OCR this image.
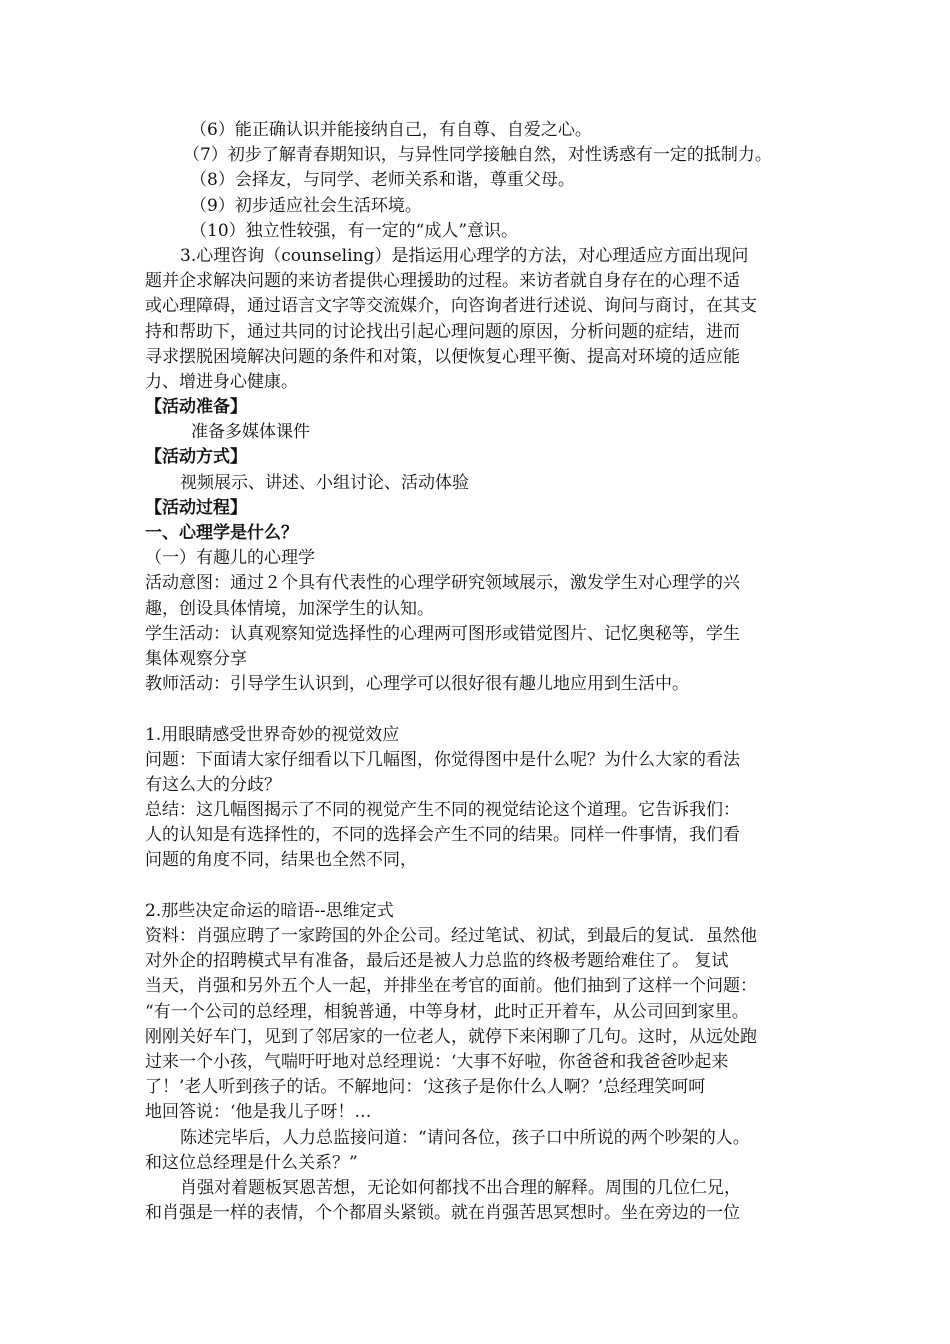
（6）能正确认识并能接纳自己，有自尊、自爱之心。
（7）初步了解青春期知识，与异性同学接触自然，对性诱惑有一定的抵制力。
（8）会择友，与同学、老师关系和谐，尊重父母。
（9）初步适应社会生活环境。
（10）独立性较强，有一定的“成人”意识。
3.心理咨询（counseling）是指运用心理学的方法，对心理适应方面出现问
题并企求解决问题的来访者提供心理援助的过程。来访者就自身存在的心理不适
或心理障碍，通过语言文字等交流媒介，向咨询者进行述说、询问与商讨，在其支
持和帮助下，通过共同的讨论找出引起心理问题的原因，分析问题的症结，进而
寻求摆脱困境解决问题的条件和对策，以便恢复心理平衡、提高对环境的适应能
力、增进身心健康。
【活动准备】
准备多媒体课件
【活动方式】
视频展示、讲述、小组讨论、活动体验
【活动过程】
一、心理学是什么？
（一）有趣儿的心理学
活动意图：通过２个具有代表性的心理学研究领域展示，激发学生对心理学的兴
趣，创设具体情境，加深学生的认知。
学生活动：认真观察知觉选择性的心理两可图形或错觉图片、记忆奥秘等，学生
集体观察分享
教师活动：引导学生认识到，心理学可以很好很有趣儿地应用到生活中。
1.用眼睛感受世界奇妙的视觉效应
问题：下面请大家仔细看以下几幅图，你觉得图中是什么呢？为什么大家的看法
有这么大的分歧？
总结：这几幅图揭示了不同的视觉产生不同的视觉结论这个道理。它告诉我们：
人的认知是有选择性的，不同的选择会产生不同的结果。同样一件事情，我们看
问题的角度不同，结果也全然不同，
2.那些决定命运的暗语--思维定式
资料：肖强应聘了一家跨国的外企公司。经过笔试、初试，到最后的复试．虽然他
对外企的招聘模式早有准备，最后还是被人力总监的终极考题给难住了。 复试
当天，肖强和另外五个人一起，并排坐在考官的面前。他们抽到了这样一个问题：
“有一个公司的总经理，相貌普通，中等身材，此时正开着车，从公司回到家里。
刚刚关好车门，见到了邻居家的一位老人，就停下来闲聊了几句。这时，从远处跑
过来一个小孩，气喘吁吁地对总经理说：‘大事不好啦，你爸爸和我爸爸吵起来
了！’老人听到孩子的话。不解地问：‘这孩子是你什么人啊？’总经理笑呵呵
地回答说：‘他是我儿子呀！…
陈述完毕后，人力总监接问道：“请问各位，孩子口中所说的两个吵架的人。
和这位总经理是什么关系？”
肖强对着题板冥恩苦想，无论如何都找不出合理的解释。周围的几位仁兄，
和肖强是一样的表情，个个都眉头紧锁。就在肖强苦思冥想时。坐在旁边的一位
